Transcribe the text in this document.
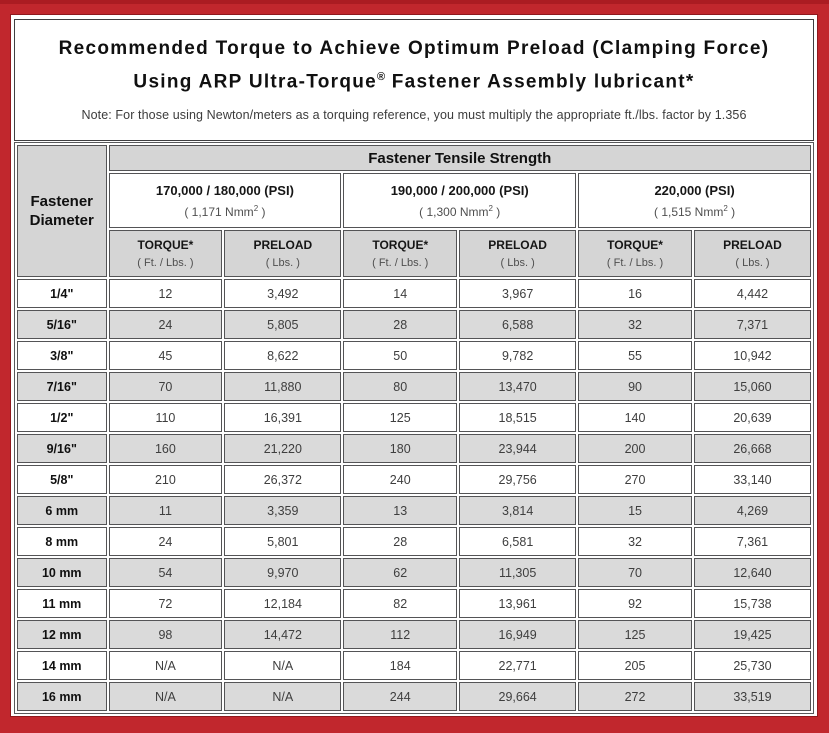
Recommended Torque to Achieve Optimum Preload (Clamping Force)
Using ARP Ultra-Torque® Fastener Assembly lubricant*
Note: For those using Newton/meters as a torquing reference, you must multiply the appropriate ft./lbs. factor by 1.356
Fastener
Diameter	Fastener Tensile Strength					

170,000 / 180,000 (PSI)
( 1,171 Nmm$^2$ )

190,000 / 200,000 (PSI)
( 1,300 Nmm$^2$ )

220,000 (PSI)
( 1,515 Nmm$^2$ )

TORQUE*
( Ft. / Lbs. )

PRELOAD
( Lbs. )

TORQUE*
( Ft. / Lbs. )

PRELOAD
( Lbs. )

TORQUE*
( Ft. / Lbs. )

PRELOAD
( Lbs. )

1/4"	12	3,492	14	3,967	16	4,442
5/16"	24	5,805	28	6,588	32	7,371
3/8"	45	8,622	50	9,782	55	10,942
7/16"	70	11,880	80	13,470	90	15,060
1/2"	110	16,391	125	18,515	140	20,639
9/16"	160	21,220	180	23,944	200	26,668
5/8"	210	26,372	240	29,756	270	33,140
6 mm	11	3,359	13	3,814	15	4,269
8 mm	24	5,801	28	6,581	32	7,361
10 mm	54	9,970	62	11,305	70	12,640
11 mm	72	12,184	82	13,961	92	15,738
12 mm	98	14,472	112	16,949	125	19,425
14 mm	N/A	N/A	184	22,771	205	25,730
16 mm	N/A	N/A	244	29,664	272	33,519
